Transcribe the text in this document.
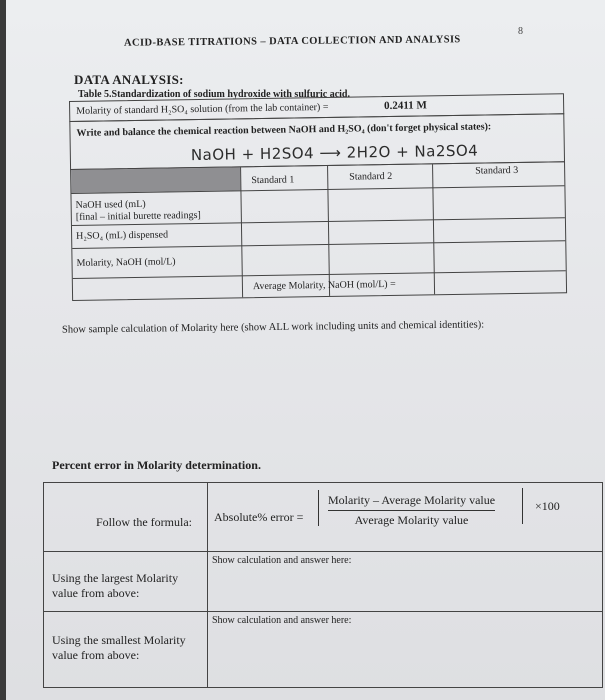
8
ACID-BASE TITRATIONS – DATA COLLECTION AND ANALYSIS
DATA ANALYSIS:
Table 5.Standardization of sodium hydroxide with sulfuric acid.
Molarity of standard H₂SO₄ solution (from the lab container) =	0.2411 M
Write and balance the chemical reaction between NaOH and H₂SO₄ (don't forget physical states):
NaOH + H2SO4 ⟶ 2H2O + Na2SO4
Standard 1	Standard 2
Standard 3
NaOH used (mL)
[final – initial burette readings]
H₂SO₄ (mL) dispensed
Molarity, NaOH (mol/L)
Average Molarity, NaOH (mol/L) =
Show sample calculation of Molarity here (show ALL work including units and chemical identities):
Percent error in Molarity determination.
Follow the formula: Absolute% error =
×100
Using the largest Molarity value from above:
Show calculation and answer here:
Using the smallest Molarity value from above:
Show calculation and answer here:
Molarity – Average Molarity value
Average Molarity value
